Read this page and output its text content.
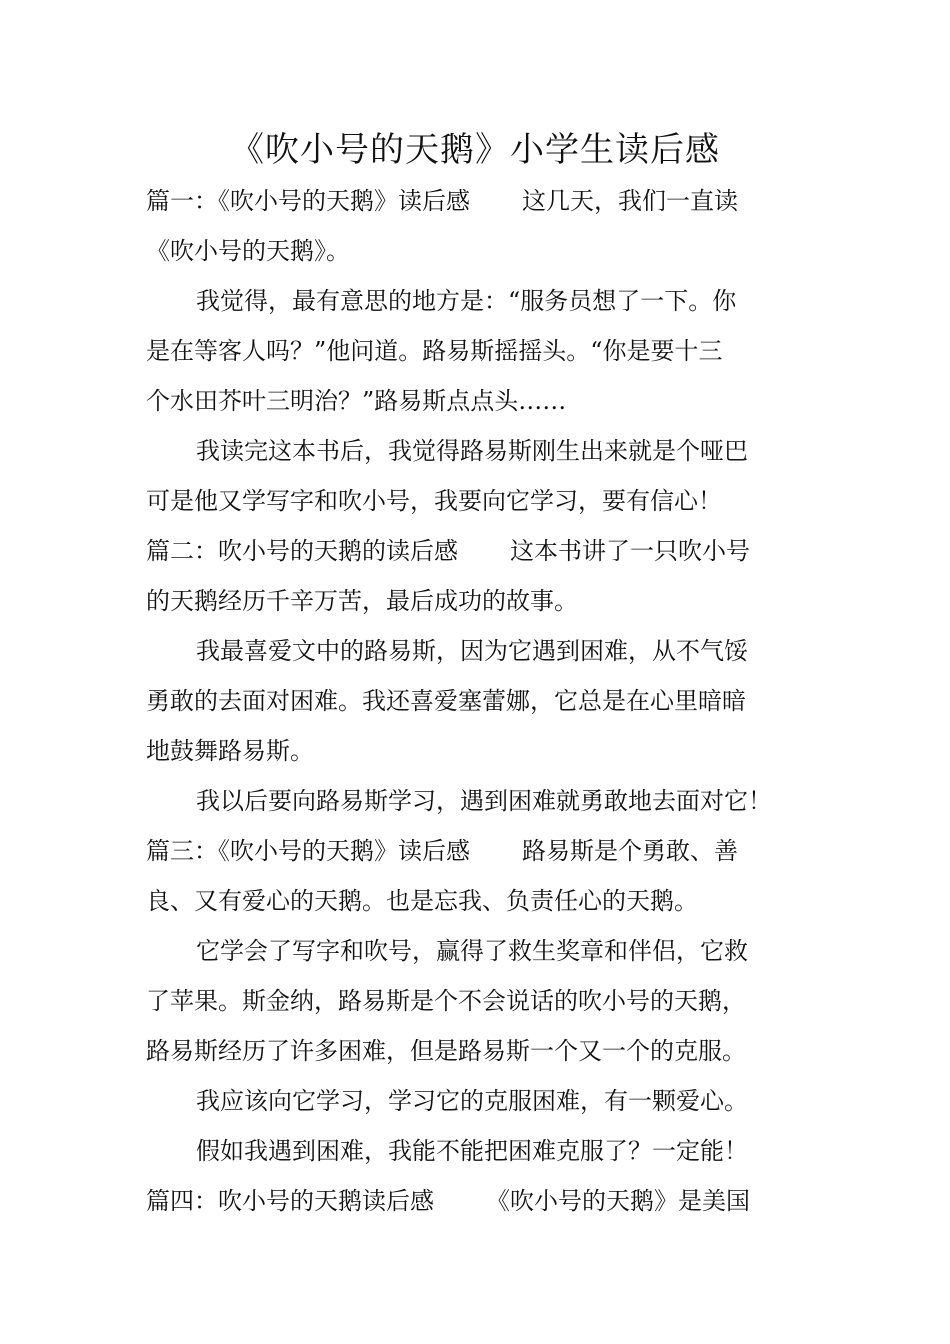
《吹小号的天鹅》小学生读后感
篇一：《吹小号的天鹅》读后感 这几天，我们一直读
《吹小号的天鹅》。
我觉得，最有意思的地方是：“服务员想了一下。你
是在等客人吗？”他问道。路易斯摇摇头。“你是要十三
个水田芥叶三明治？”路易斯点点头……
我读完这本书后，我觉得路易斯刚生出来就是个哑巴
可是他又学写字和吹小号，我要向它学习，要有信心！
篇二：吹小号的天鹅的读后感 这本书讲了一只吹小号
的天鹅经历千辛万苦，最后成功的故事。
我最喜爱文中的路易斯，因为它遇到困难，从不气馁
勇敢的去面对困难。我还喜爱塞蕾娜，它总是在心里暗暗
地鼓舞路易斯。
我以后要向路易斯学习，遇到困难就勇敢地去面对它！
篇三：《吹小号的天鹅》读后感 路易斯是个勇敢、善
良、又有爱心的天鹅。也是忘我、负责任心的天鹅。
它学会了写字和吹号，赢得了救生奖章和伴侣，它救
了苹果。斯金纳，路易斯是个不会说话的吹小号的天鹅，
路易斯经历了许多困难，但是路易斯一个又一个的克服。
我应该向它学习，学习它的克服困难，有一颗爱心。
假如我遇到困难，我能不能把困难克服了？一定能！
篇四：吹小号的天鹅读后感 《吹小号的天鹅》是美国
